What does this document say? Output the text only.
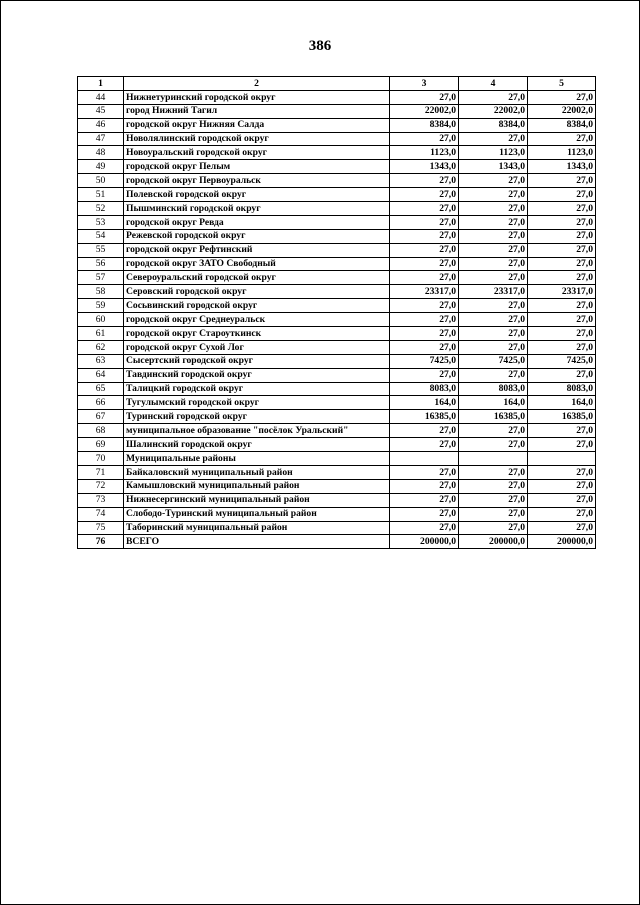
386
1	2	3	4	5
44	Нижнетуринский городской округ	27,0	27,0	27,0
45	город Нижний Тагил	22002,0	22002,0	22002,0
46	городской округ Нижняя Салда	8384,0	8384,0	8384,0
47	Новолялинский городской округ	27,0	27,0	27,0
48	Новоуральский городской округ	1123,0	1123,0	1123,0
49	городской округ Пелым	1343,0	1343,0	1343,0
50	городской округ Первоуральск	27,0	27,0	27,0
51	Полевской городской округ	27,0	27,0	27,0
52	Пышминский городской округ	27,0	27,0	27,0
53	городской округ Ревда	27,0	27,0	27,0
54	Режевской городской округ	27,0	27,0	27,0
55	городской округ Рефтинский	27,0	27,0	27,0
56	городской округ ЗАТО Свободный	27,0	27,0	27,0
57	Североуральский городской округ	27,0	27,0	27,0
58	Серовский городской округ	23317,0	23317,0	23317,0
59	Сосьвинский городской округ	27,0	27,0	27,0
60	городской округ Среднеуральск	27,0	27,0	27,0
61	городской округ Староуткинск	27,0	27,0	27,0
62	городской округ Сухой Лог	27,0	27,0	27,0
63	Сысертский городской округ	7425,0	7425,0	7425,0
64	Тавдинский городской округ	27,0	27,0	27,0
65	Талицкий городской округ	8083,0	8083,0	8083,0
66	Тугулымский городской округ	164,0	164,0	164,0
67	Туринский городской округ	16385,0	16385,0	16385,0
68	муниципальное образование "посёлок Уральский"	27,0	27,0	27,0
69	Шалинский городской округ	27,0	27,0	27,0
70	Муниципальные районы			
71	Байкаловский муниципальный район	27,0	27,0	27,0
72	Камышловский муниципальный район	27,0	27,0	27,0
73	Нижнесергинский муниципальный район	27,0	27,0	27,0
74	Слободо-Туринский муниципальный район	27,0	27,0	27,0
75	Таборинский муниципальный район	27,0	27,0	27,0
76	ВСЕГО	200000,0	200000,0	200000,0
